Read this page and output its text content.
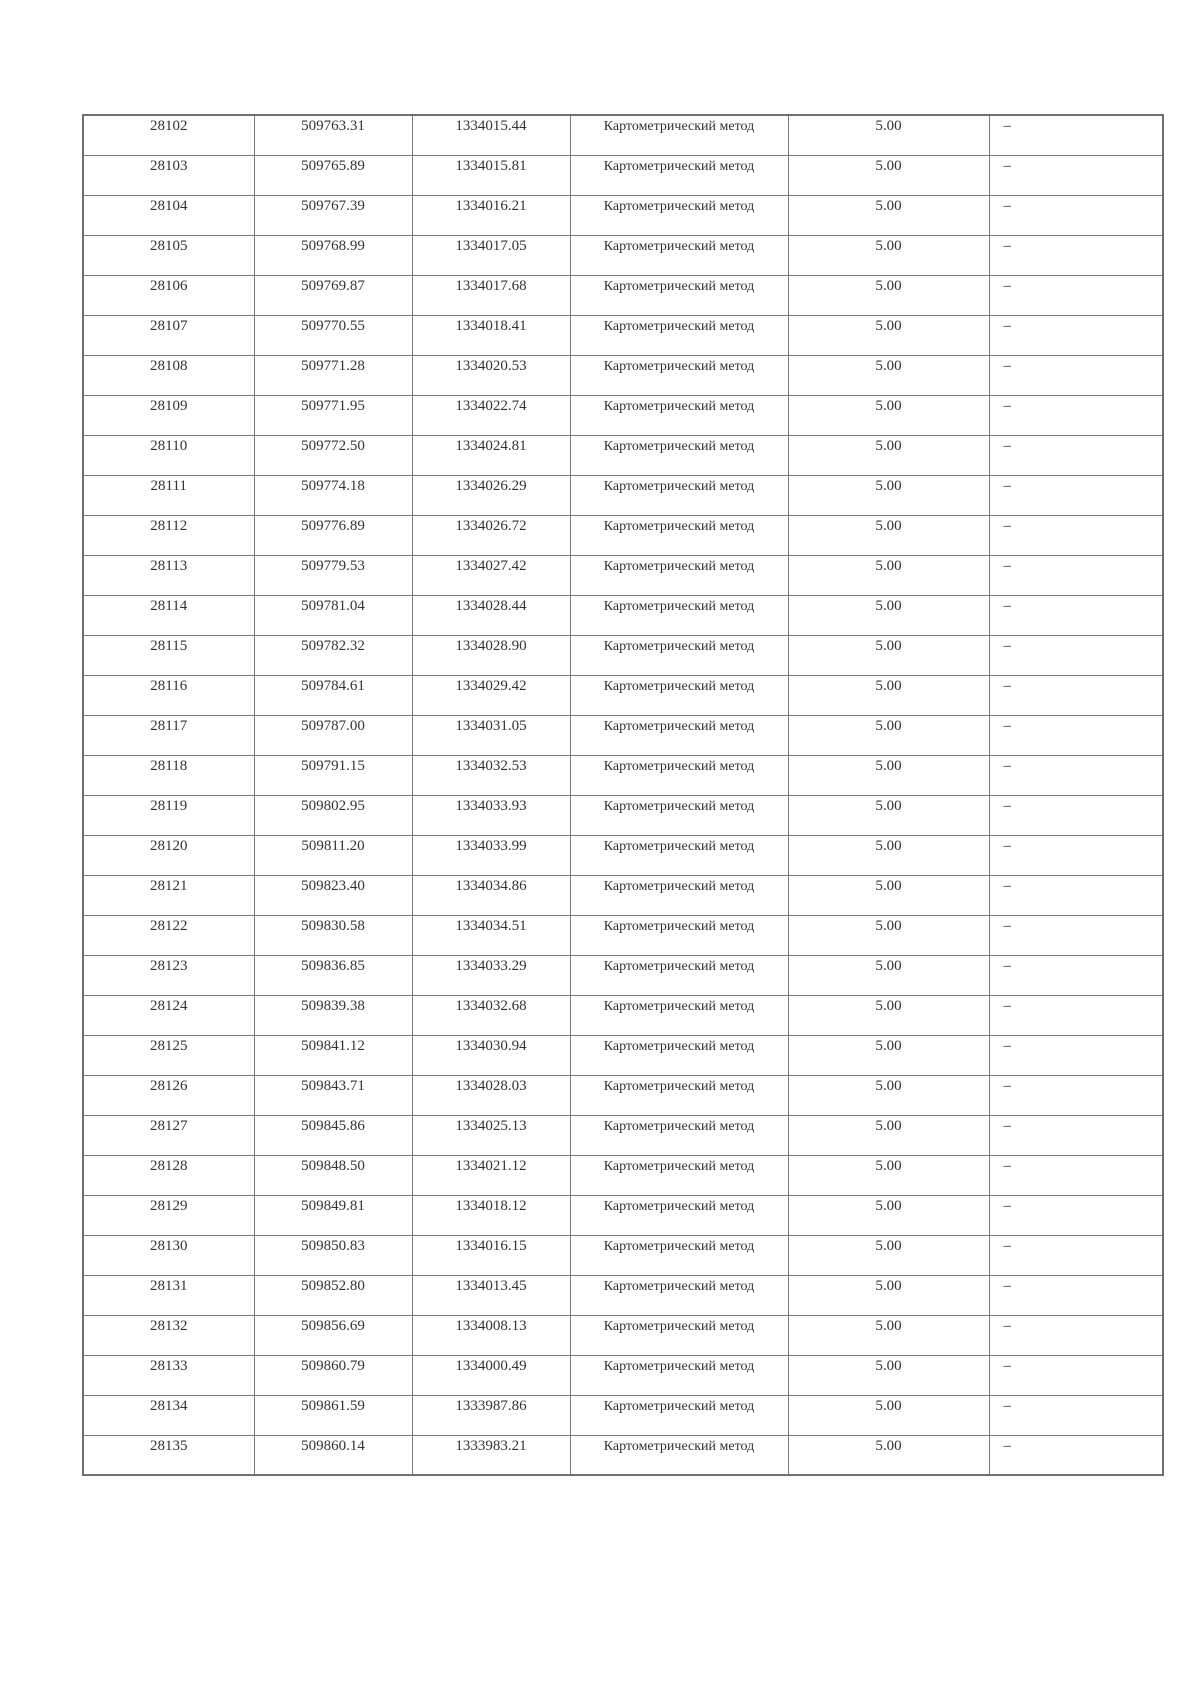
28102	509763.31	1334015.44	Картометрический метод	5.00	–
28103	509765.89	1334015.81	Картометрический метод	5.00	–
28104	509767.39	1334016.21	Картометрический метод	5.00	–
28105	509768.99	1334017.05	Картометрический метод	5.00	–
28106	509769.87	1334017.68	Картометрический метод	5.00	–
28107	509770.55	1334018.41	Картометрический метод	5.00	–
28108	509771.28	1334020.53	Картометрический метод	5.00	–
28109	509771.95	1334022.74	Картометрический метод	5.00	–
28110	509772.50	1334024.81	Картометрический метод	5.00	–
28111	509774.18	1334026.29	Картометрический метод	5.00	–
28112	509776.89	1334026.72	Картометрический метод	5.00	–
28113	509779.53	1334027.42	Картометрический метод	5.00	–
28114	509781.04	1334028.44	Картометрический метод	5.00	–
28115	509782.32	1334028.90	Картометрический метод	5.00	–
28116	509784.61	1334029.42	Картометрический метод	5.00	–
28117	509787.00	1334031.05	Картометрический метод	5.00	–
28118	509791.15	1334032.53	Картометрический метод	5.00	–
28119	509802.95	1334033.93	Картометрический метод	5.00	–
28120	509811.20	1334033.99	Картометрический метод	5.00	–
28121	509823.40	1334034.86	Картометрический метод	5.00	–
28122	509830.58	1334034.51	Картометрический метод	5.00	–
28123	509836.85	1334033.29	Картометрический метод	5.00	–
28124	509839.38	1334032.68	Картометрический метод	5.00	–
28125	509841.12	1334030.94	Картометрический метод	5.00	–
28126	509843.71	1334028.03	Картометрический метод	5.00	–
28127	509845.86	1334025.13	Картометрический метод	5.00	–
28128	509848.50	1334021.12	Картометрический метод	5.00	–
28129	509849.81	1334018.12	Картометрический метод	5.00	–
28130	509850.83	1334016.15	Картометрический метод	5.00	–
28131	509852.80	1334013.45	Картометрический метод	5.00	–
28132	509856.69	1334008.13	Картометрический метод	5.00	–
28133	509860.79	1334000.49	Картометрический метод	5.00	–
28134	509861.59	1333987.86	Картометрический метод	5.00	–
28135	509860.14	1333983.21	Картометрический метод	5.00	–
